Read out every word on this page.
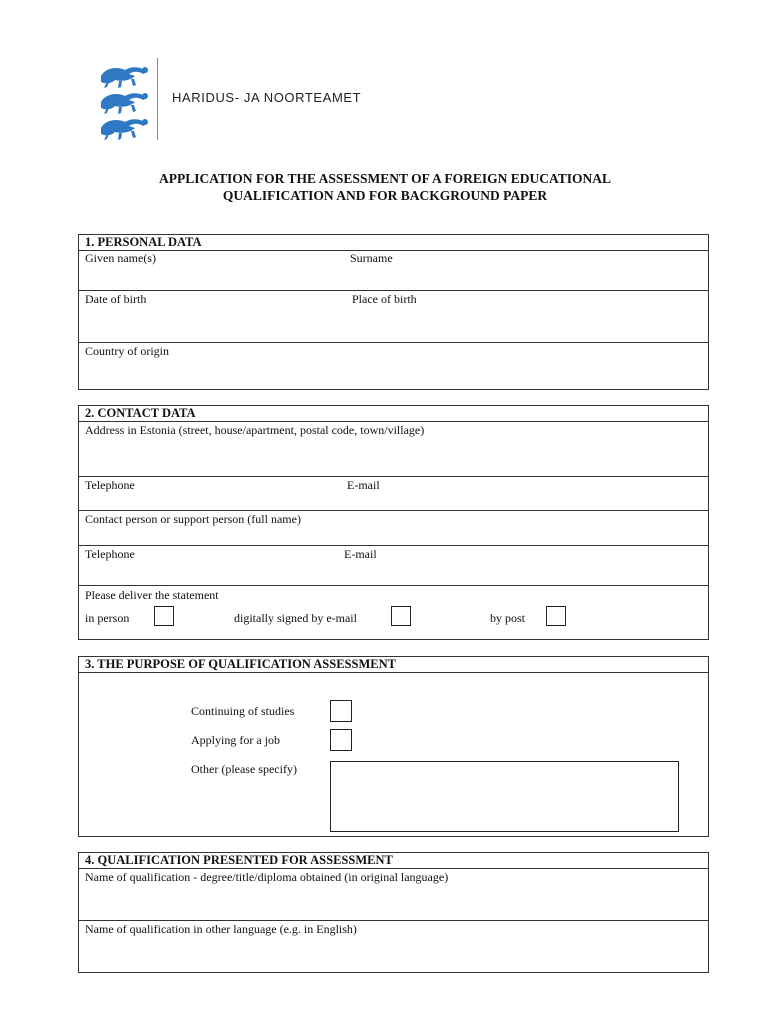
HARIDUS- JA NOORTEAMET
APPLICATION FOR THE ASSESSMENT OF A FOREIGN EDUCATIONAL
QUALIFICATION AND FOR BACKGROUND PAPER
1. PERSONAL DATA
Given name(s)	Surname
Date of birth	Place of birth
Country of origin
2. CONTACT DATA
Address in Estonia (street, house/apartment, postal code, town/village)
Telephone	E-mail
Contact person or support person (full name)
Telephone	E-mail
Please deliver the statement
in person	digitally signed by e-mail	by post
3. THE PURPOSE OF QUALIFICATION ASSESSMENT
Continuing of studies
Applying for a job
Other (please specify)
4. QUALIFICATION PRESENTED FOR ASSESSMENT
Name of qualification - degree/title/diploma obtained (in original language)
Name of qualification in other language (e.g. in English)
